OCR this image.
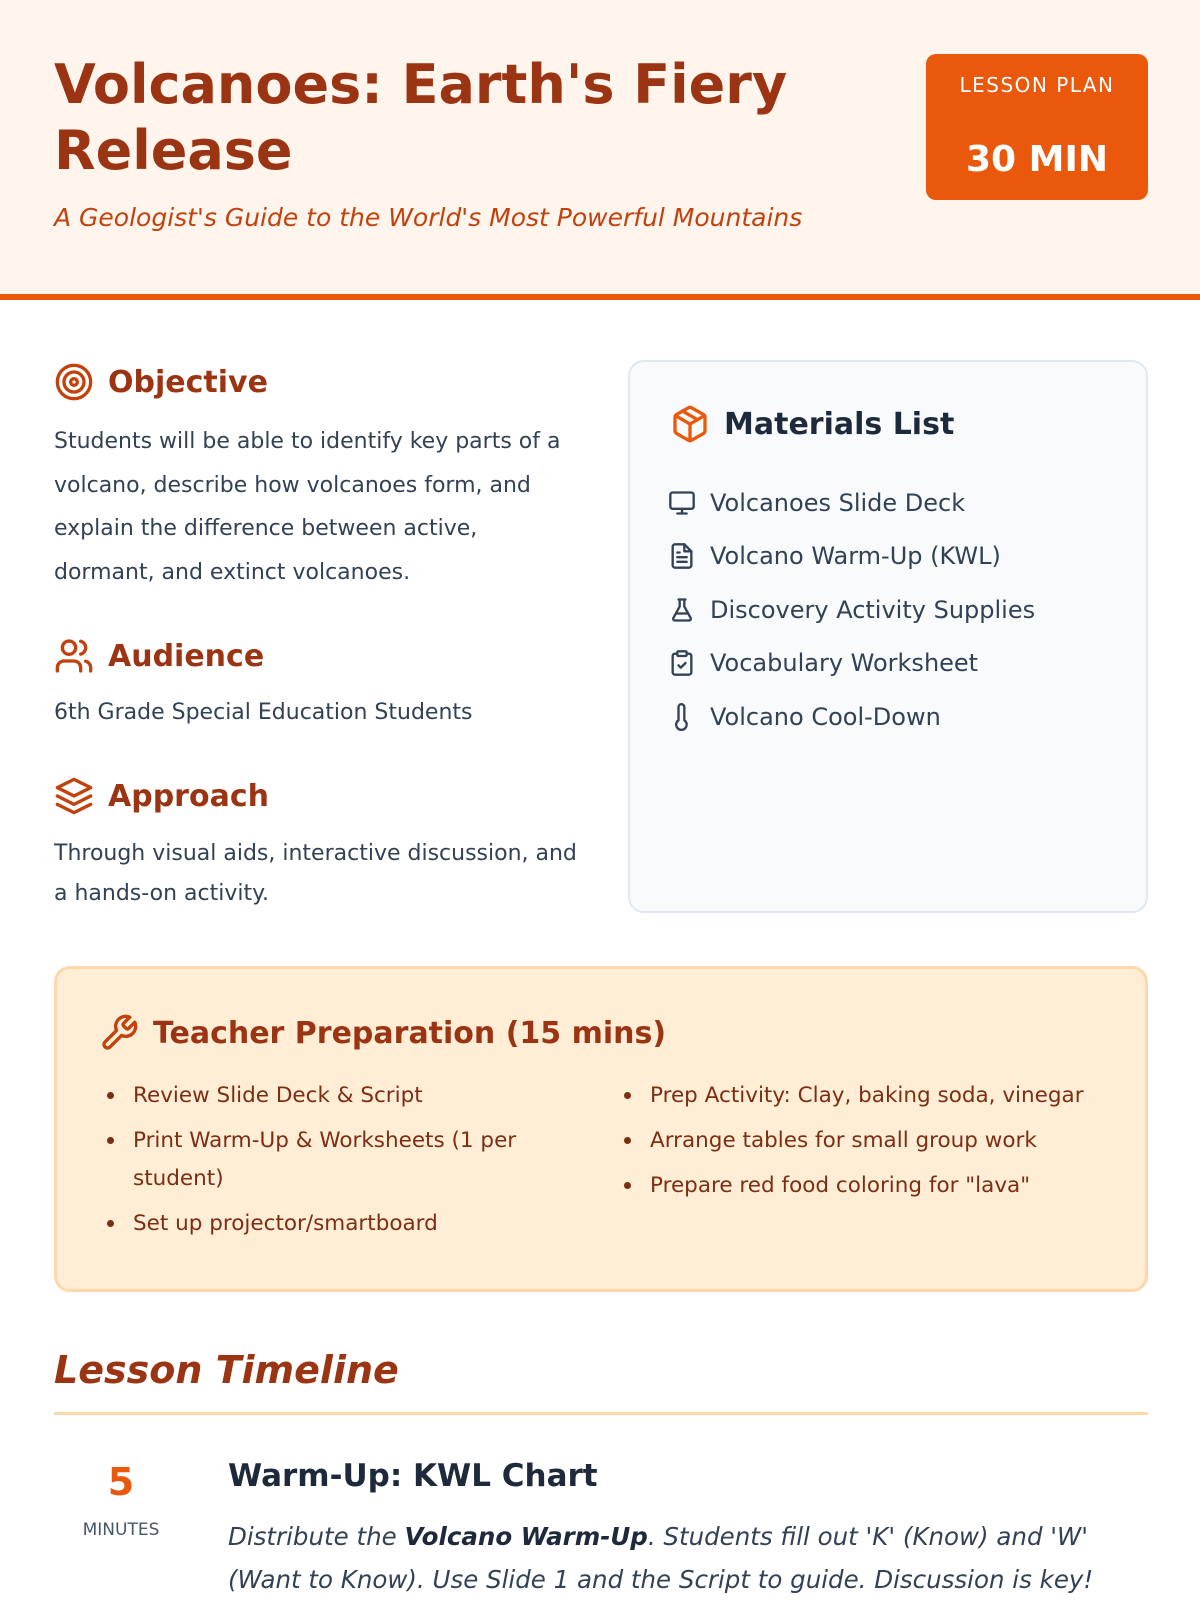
Volcanoes: Earth's Fiery Release

A Geologist's Guide to the World's Most Powerful Mountains

LESSON PLAN
30 MIN
Objective

Students will be able to identify key parts of a volcano, describe how volcanoes form, and explain the difference between active, dormant, and extinct volcanoes.

Audience

6th Grade Special Education Students

Approach

Through visual aids, interactive discussion, and a hands-on activity.

Materials List
Volcanoes Slide Deck
Volcano Warm-Up (KWL)
Discovery Activity Supplies
Vocabulary Worksheet
Volcano Cool-Down
Teacher Preparation (15 mins)
Review Slide Deck & Script
Print Warm-Up & Worksheets (1 per student)
Set up projector/smartboard
Prep Activity: Clay, baking soda, vinegar
Arrange tables for small group work
Prepare red food coloring for "lava"
Lesson Timeline
5
MINUTES
Warm-Up: KWL Chart

Distribute the Volcano Warm-Up. Students fill out 'K' (Know) and 'W' (Want to Know). Use Slide 1 and the Script to guide. Discussion is key!
